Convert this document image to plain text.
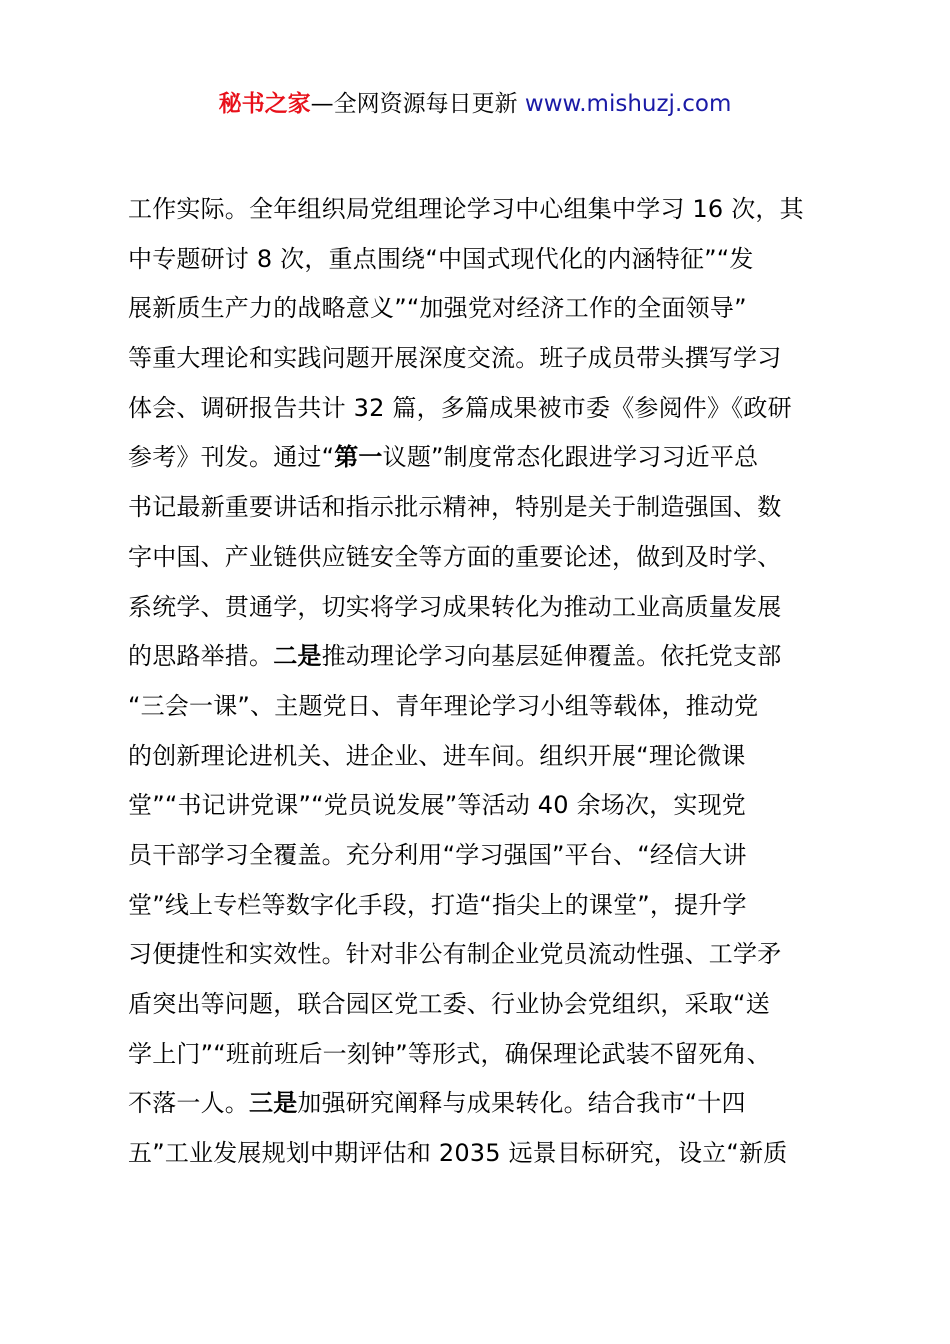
秘书之家—全网资源每日更新 www.mishuzj.com
工作实际。全年组织局党组理论学习中心组集中学习 16 次，其
中专题研讨 8 次，重点围绕“中国式现代化的内涵特征”“发
展新质生产力的战略意义”“加强党对经济工作的全面领导”
等重大理论和实践问题开展深度交流。班子成员带头撰写学习
体会、调研报告共计 32 篇，多篇成果被市委《参阅件》《政研
参考》刊发。通过“第一议题”制度常态化跟进学习习近平总
书记最新重要讲话和指示批示精神，特别是关于制造强国、数
字中国、产业链供应链安全等方面的重要论述，做到及时学、
系统学、贯通学，切实将学习成果转化为推动工业高质量发展
的思路举措。二是推动理论学习向基层延伸覆盖。依托党支部
“三会一课”、主题党日、青年理论学习小组等载体，推动党
的创新理论进机关、进企业、进车间。组织开展“理论微课
堂”“书记讲党课”“党员说发展”等活动 40 余场次，实现党
员干部学习全覆盖。充分利用“学习强国”平台、“经信大讲
堂”线上专栏等数字化手段，打造“指尖上的课堂”，提升学
习便捷性和实效性。针对非公有制企业党员流动性强、工学矛
盾突出等问题，联合园区党工委、行业协会党组织，采取“送
学上门”“班前班后一刻钟”等形式，确保理论武装不留死角、
不落一人。三是加强研究阐释与成果转化。结合我市“十四
五”工业发展规划中期评估和 2035 远景目标研究，设立“新质
